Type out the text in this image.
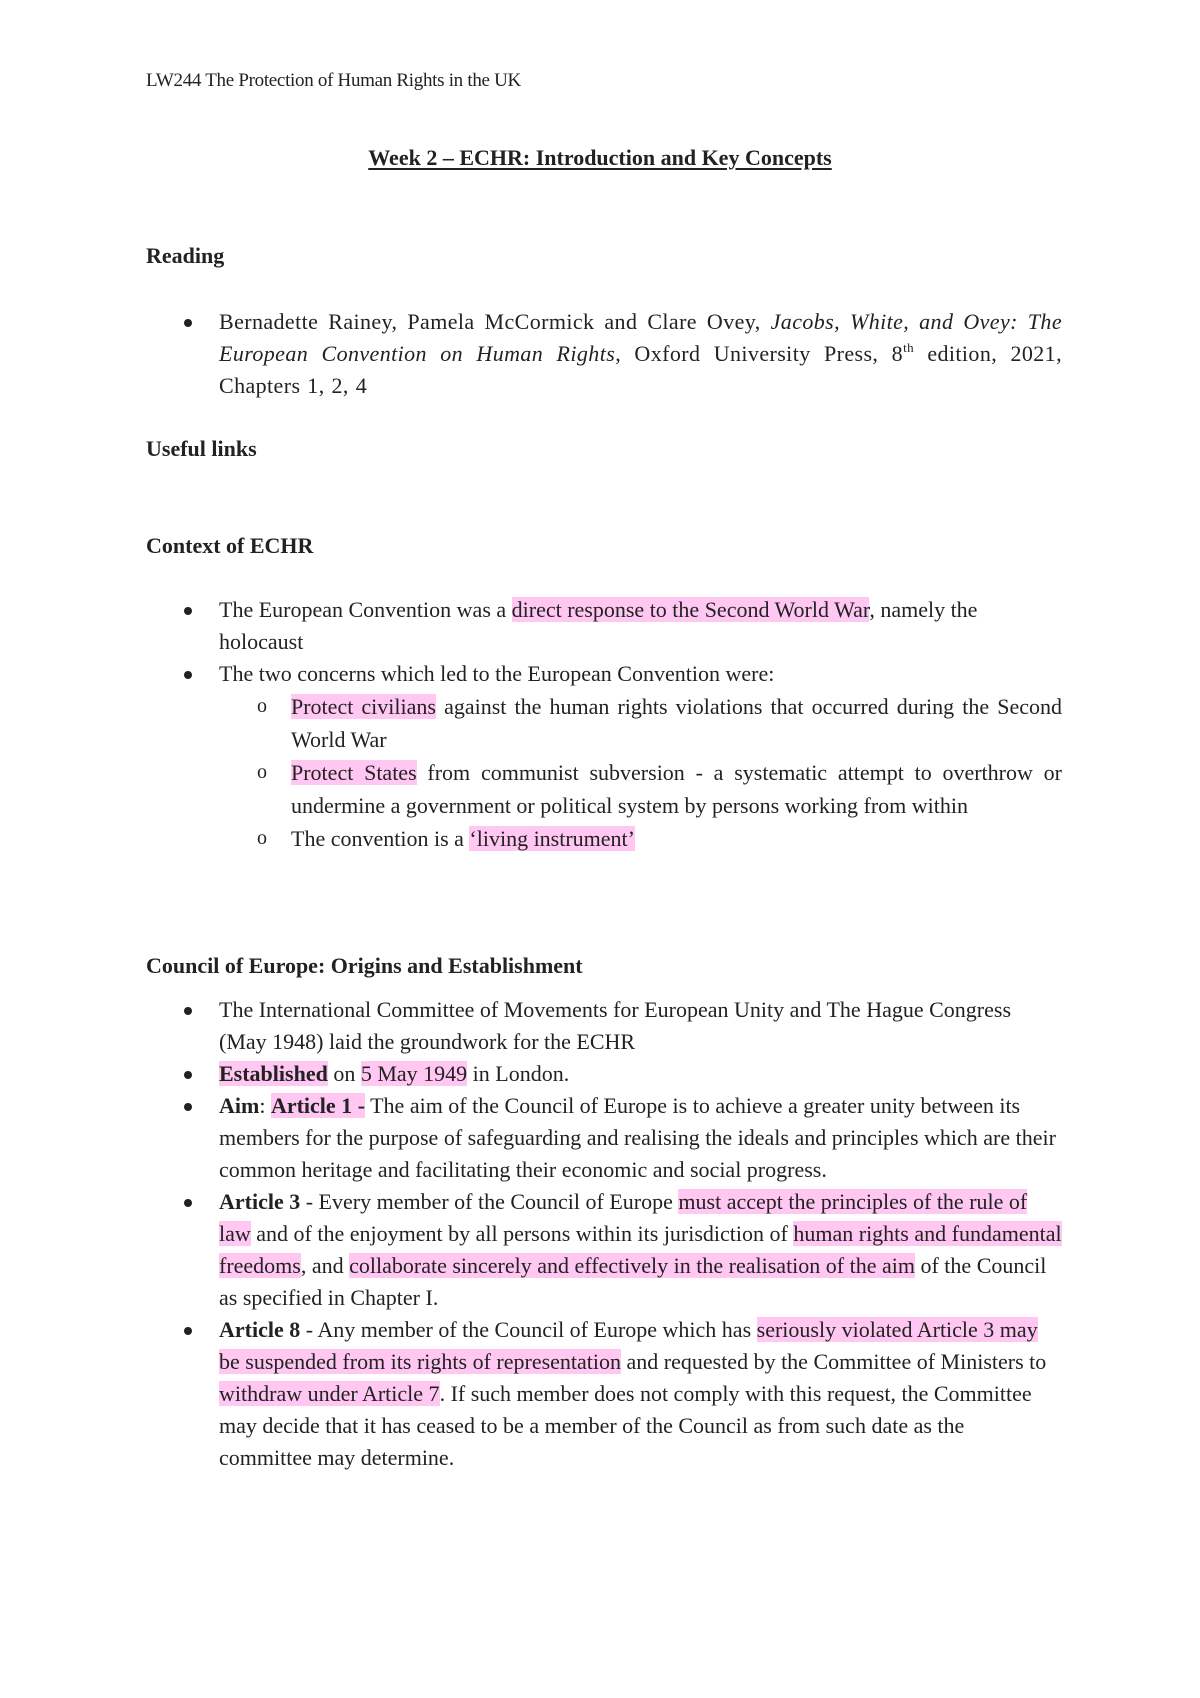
LW244 The Protection of Human Rights in the UK
Week 2 – ECHR: Introduction and Key Concepts
Reading
Bernadette Rainey, Pamela McCormick and Clare Ovey, Jacobs, White, and Ovey: The European Convention on Human Rights, Oxford University Press, 8th edition, 2021, Chapters 1, 2, 4
Useful links
Context of ECHR
The European Convention was a direct response to the Second World War, namely the holocaust
The two concerns which led to the European Convention were:
o Protect civilians against the human rights violations that occurred during the Second World War
o Protect States from communist subversion - a systematic attempt to overthrow or undermine a government or political system by persons working from within
o The convention is a ‘living instrument’
Council of Europe: Origins and Establishment
The International Committee of Movements for European Unity and The Hague Congress (May 1948) laid the groundwork for the ECHR
Established on 5 May 1949 in London.
Aim: Article 1 - The aim of the Council of Europe is to achieve a greater unity between its members for the purpose of safeguarding and realising the ideals and principles which are their common heritage and facilitating their economic and social progress.
Article 3 - Every member of the Council of Europe must accept the principles of the rule of law and of the enjoyment by all persons within its jurisdiction of human rights and fundamental freedoms, and collaborate sincerely and effectively in the realisation of the aim of the Council as specified in Chapter I.
Article 8 - Any member of the Council of Europe which has seriously violated Article 3 may be suspended from its rights of representation and requested by the Committee of Ministers to withdraw under Article 7. If such member does not comply with this request, the Committee may decide that it has ceased to be a member of the Council as from such date as the committee may determine.
